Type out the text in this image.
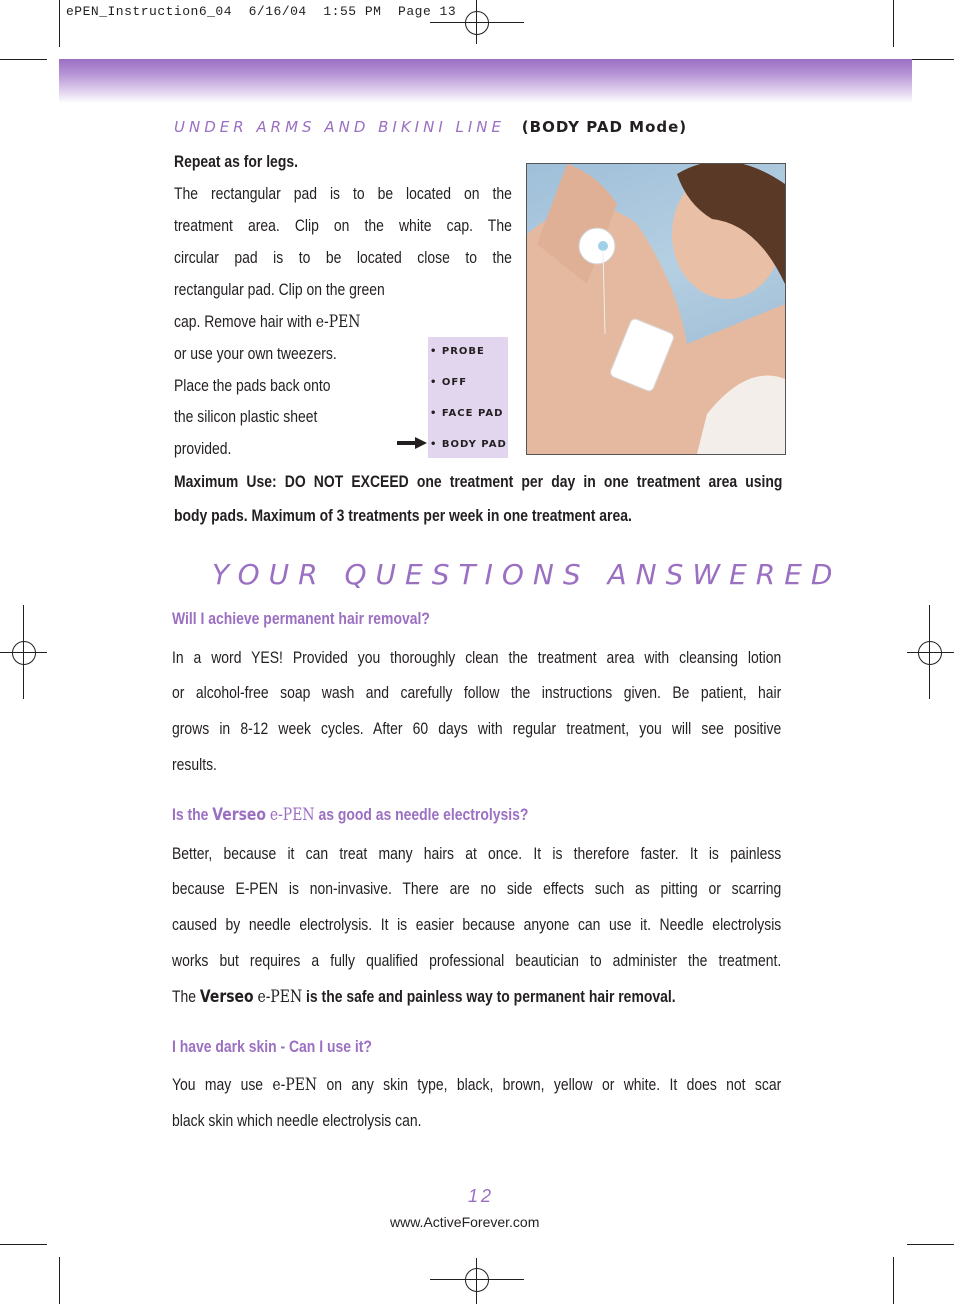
ePEN_Instruction6_04  6/16/04  1:55 PM  Page 13
UNDER ARMS AND BIKINI LINE (BODY PAD Mode)
Repeat as for legs.
The rectangular pad is to be located on the
treatment area. Clip on the white cap. The
circular pad is to be located close to the
rectangular pad. Clip on the green
cap. Remove hair with e-PEN
or use your own tweezers.
Place the pads back onto
the silicon plastic sheet
provided.
• PROBE
• OFF
• FACE PAD
• BODY PAD
Maximum Use: DO NOT EXCEED one treatment per day in one treatment area using
body pads. Maximum of 3 treatments per week in one treatment area.
YOUR QUESTIONS ANSWERED
Will I achieve permanent hair removal?
In a word YES! Provided you thoroughly clean the treatment area with cleansing lotion
or alcohol-free soap wash and carefully follow the instructions given. Be patient, hair
grows in 8-12 week cycles. After 60 days with regular treatment, you will see positive
results.
Is the Verseo e-PEN as good as needle electrolysis?
Better, because it can treat many hairs at once. It is therefore faster. It is painless
because E-PEN is non-invasive. There are no side effects such as pitting or scarring
caused by needle electrolysis. It is easier because anyone can use it. Needle electrolysis
works but requires a fully qualified professional beautician to administer the treatment.
The Verseo e-PEN is the safe and painless way to permanent hair removal.
I have dark skin - Can I use it?
You may use e-PEN on any skin type, black, brown, yellow or white. It does not scar
black skin which needle electrolysis can.
12
www.ActiveForever.com
